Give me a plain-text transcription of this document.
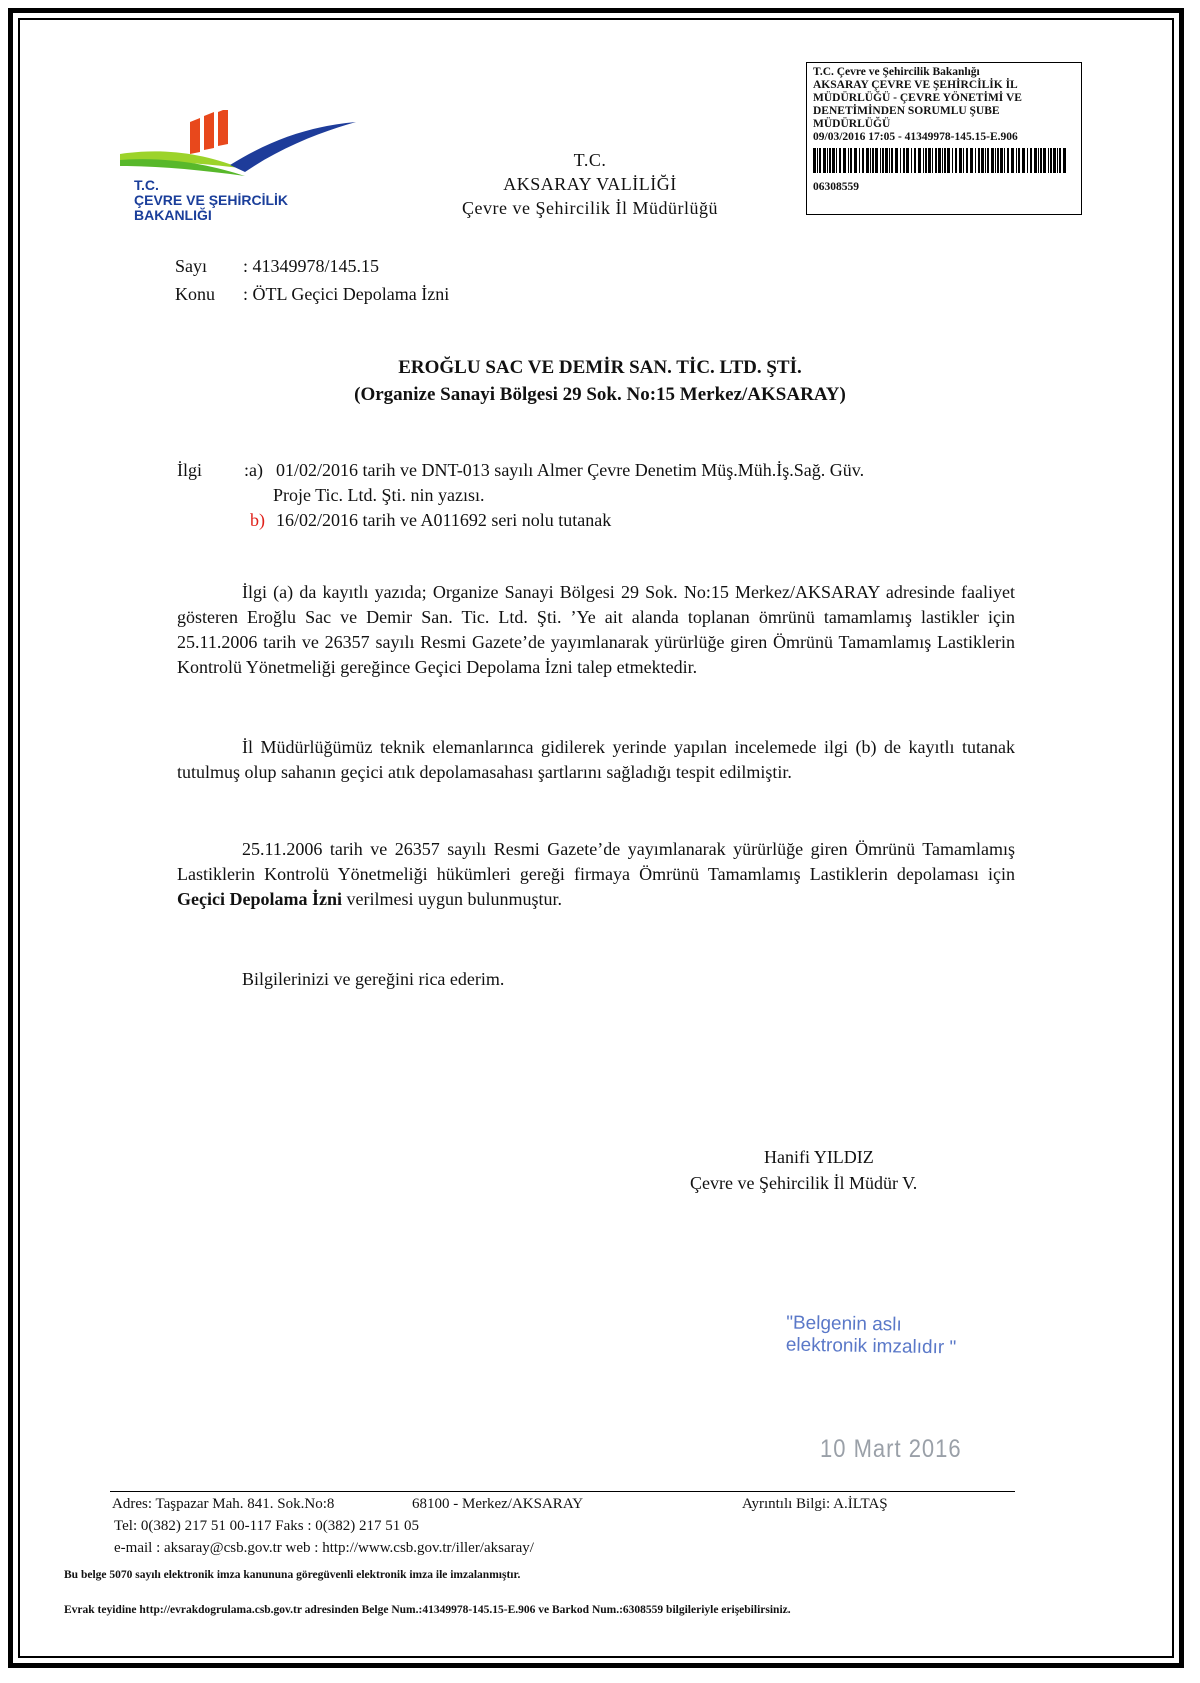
T.C.
ÇEVRE VE ŞEHİRCİLİK
BAKANLIĞI
T.C.
AKSARAY VALİLİĞİ
Çevre ve Şehircilik İl Müdürlüğü
T.C. Çevre ve Şehircilik Bakanlığı
AKSARAY ÇEVRE VE ŞEHİRCİLİK İL
MÜDÜRLÜĞÜ - ÇEVRE YÖNETİMİ VE
DENETİMİNDEN SORUMLU ŞUBE
MÜDÜRLÜĞÜ
09/03/2016 17:05 - 41349978-145.15-E.906
06308559
Sayı : 41349978/145.15
Konu : ÖTL Geçici Depolama İzni
EROĞLU SAC VE DEMİR SAN. TİC. LTD. ŞTİ.
(Organize Sanayi Bölgesi 29 Sok. No:15 Merkez/AKSARAY)
İlgi :a) 01/02/2016 tarih ve DNT-013 sayılı Almer Çevre Denetim Müş.Müh.İş.Sağ. Güv.
Proje Tic. Ltd. Şti. nin yazısı.
b) 16/02/2016 tarih ve A011692 seri nolu tutanak
İlgi (a) da kayıtlı yazıda; Organize Sanayi Bölgesi 29 Sok. No:15 Merkez/AKSARAY adresinde faaliyet gösteren Eroğlu Sac ve Demir San. Tic. Ltd. Şti. ’Ye ait alanda toplanan ömrünü tamamlamış lastikler için 25.11.2006 tarih ve 26357 sayılı Resmi Gazete’de yayımlanarak yürürlüğe giren Ömrünü Tamamlamış Lastiklerin Kontrolü Yönetmeliği gereğince Geçici Depolama İzni talep etmektedir.
İl Müdürlüğümüz teknik elemanlarınca gidilerek yerinde yapılan incelemede ilgi (b) de kayıtlı tutanak tutulmuş olup sahanın geçici atık depolamasahası şartlarını sağladığı tespit edilmiştir.
25.11.2006 tarih ve 26357 sayılı Resmi Gazete’de yayımlanarak yürürlüğe giren Ömrünü Tamamlamış Lastiklerin Kontrolü Yönetmeliği hükümleri gereği firmaya Ömrünü Tamamlamış Lastiklerin depolaması için Geçici Depolama İzni verilmesi uygun bulunmuştur.
Bilgilerinizi ve gereğini rica ederim.
Hanifi YILDIZ
Çevre ve Şehircilik İl Müdür V.
"Belgenin aslı
elektronik imzalıdır "
10 Mart 2016
Adres: Taşpazar Mah. 841. Sok.No:8	68100 - Merkez/AKSARAY	Ayrıntılı Bilgi: A.İLTAŞ
Tel: 0(382) 217 51 00-117 Faks : 0(382) 217 51 05
e-mail : aksaray@csb.gov.tr web : http://www.csb.gov.tr/iller/aksaray/
Bu belge 5070 sayılı elektronik imza kanununa göregüvenli elektronik imza ile imzalanmıştır.
Evrak teyidine http://evrakdogrulama.csb.gov.tr adresinden Belge Num.:41349978-145.15-E.906 ve Barkod Num.:6308559 bilgileriyle erişebilirsiniz.
